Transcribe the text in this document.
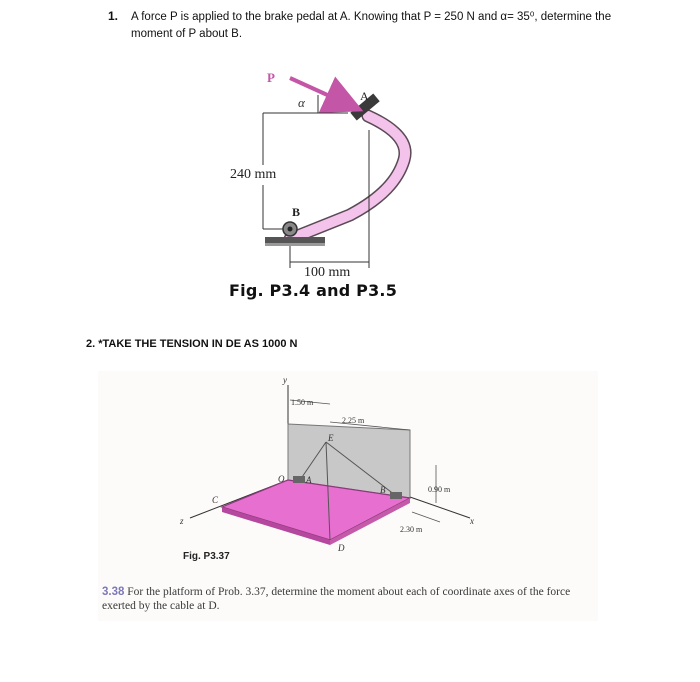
1. A force P is applied to the brake pedal at A. Knowing that P = 250 N and α= 35⁰, determine the moment of P about B.
P
α	A
B
240 mm
100 mm
Fig. P3.4 and P3.5
2. *TAKE THE TENSION IN DE AS 1000 N
y
z	x
C
O A
B
D
E
1.50 m
2.25 m
0.90 m
2.30 m
Fig. P3.37
3.38 For the platform of Prob. 3.37, determine the moment about each of coordinate axes of the force exerted by the cable at D.
